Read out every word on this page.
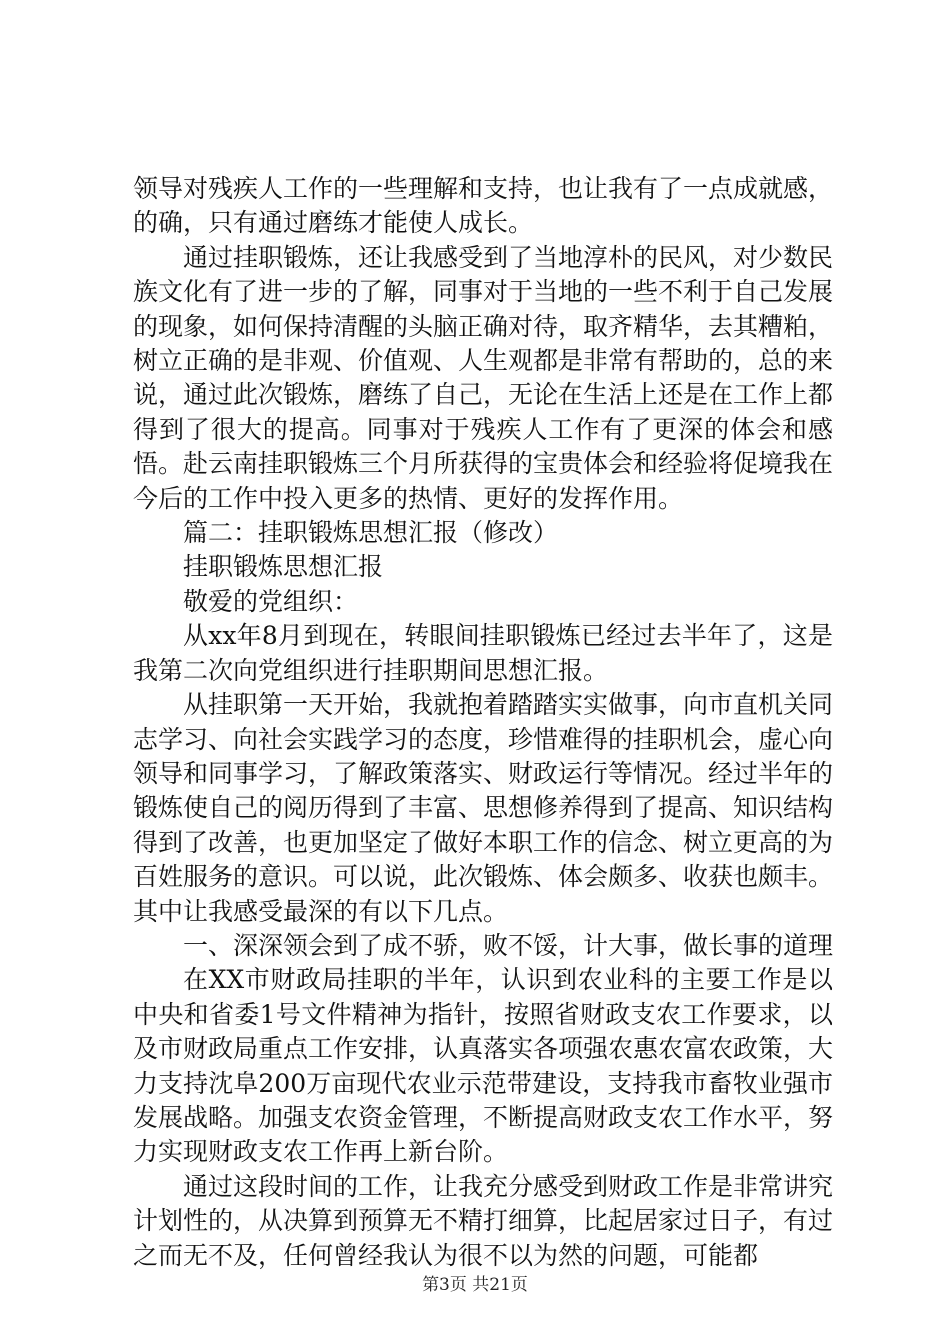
领导对残疾人工作的一些理解和支持，也让我有了一点成就感，的确，只有通过磨练才能使人成长。

通过挂职锻炼，还让我感受到了当地淳朴的民风，对少数民族文化有了进一步的了解，同事对于当地的一些不利于自己发展的现象，如何保持清醒的头脑正确对待，取齐精华，去其糟粕，树立正确的是非观、价值观、人生观都是非常有帮助的，总的来说，通过此次锻炼，磨练了自己，无论在生活上还是在工作上都得到了很大的提高。同事对于残疾人工作有了更深的体会和感悟。赴云南挂职锻炼三个月所获得的宝贵体会和经验将促境我在今后的工作中投入更多的热情、更好的发挥作用。

篇二：挂职锻炼思想汇报（修改）

挂职锻炼思想汇报

敬爱的党组织：

从xx年8月到现在，转眼间挂职锻炼已经过去半年了，这是我第二次向党组织进行挂职期间思想汇报。

从挂职第一天开始，我就抱着踏踏实实做事，向市直机关同志学习、向社会实践学习的态度，珍惜难得的挂职机会，虚心向领导和同事学习，了解政策落实、财政运行等情况。经过半年的锻炼使自己的阅历得到了丰富、思想修养得到了提高、知识结构得到了改善，也更加坚定了做好本职工作的信念、树立更高的为百姓服务的意识。可以说，此次锻炼、体会颇多、收获也颇丰。其中让我感受最深的有以下几点。

一、深深领会到了成不骄，败不馁，计大事，做长事的道理

在XX市财政局挂职的半年，认识到农业科的主要工作是以中央和省委1号文件精神为指针，按照省财政支农工作要求，以及市财政局重点工作安排，认真落实各项强农惠农富农政策，大力支持沈阜200万亩现代农业示范带建设，支持我市畜牧业强市发展战略。加强支农资金管理，不断提高财政支农工作水平，努力实现财政支农工作再上新台阶。

通过这段时间的工作，让我充分感受到财政工作是非常讲究计划性的，从决算到预算无不精打细算，比起居家过日子，有过之而无不及，任何曾经我认为很不以为然的问题，可能都

第3页 共21页
